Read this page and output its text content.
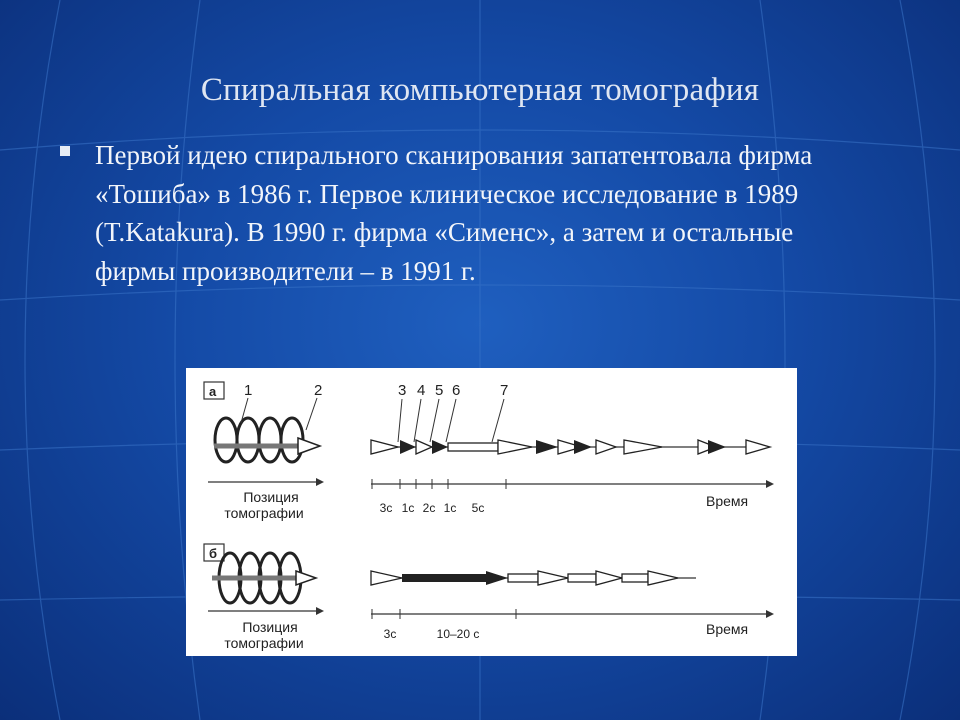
Спиральная компьютерная томография
Первой идею спирального сканирования запатентовала фирма «Тошиба» в 1986 г. Первое клиническое исследование в 1989 (T.Katakura). В 1990 г. фирма «Сименс», а затем и остальные фирмы производители – в 1991 г.
а 1	2	3 4 5 6	7
Позиция
томографии	3с 1с 2с 1с 5с	Время
б
Позиция
томографии
3с	10–20 с	Время
